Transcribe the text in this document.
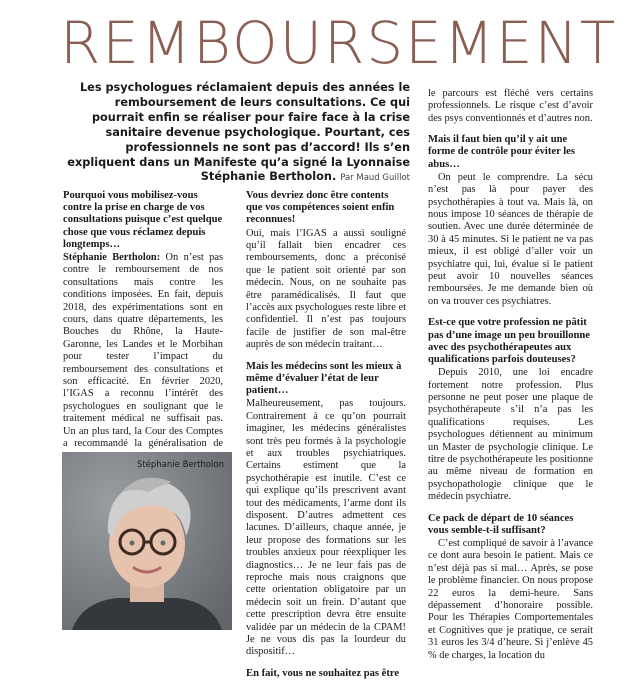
REMBOURSEMENT

Les psychologues réclamaient depuis des années le remboursement de leurs consultations. Ce qui pourrait enfin se réaliser pour faire face à la crise sanitaire devenue psychologique. Pourtant, ces professionnels ne sont pas d’accord! Ils s’en expliquent dans un Manifeste qu’a signé la Lyonnaise Stéphanie Bertholon. Par Maud Guillot

Pourquoi vous mobilisez-vous contre la prise en charge de vos consultations puisque c’est quelque chose que vous réclamez depuis longtemps…

Stéphanie Bertholon: On n’est pas contre le remboursement de nos consultations mais contre les conditions imposées. En fait, depuis 2018, des expérimentations sont en cours, dans quatre départements, les Bouches du Rhône, la Haute-Garonne, les Landes et le Morbihan pour tester l’impact du remboursement des consultations et son efficacité. En février 2020, l’IGAS a reconnu l’intérêt des psychologues en soulignant que le traitement médical ne suffisait pas. Un an plus tard, la Cour des Comptes a recommandé la généralisation de

Stéphanie Bertholon

Vous devriez donc être contents que vos compétences soient enfin reconnues!

Oui, mais l’IGAS a aussi souligné qu’il fallait bien encadrer ces remboursements, donc a préconisé que le patient soit orienté par son médecin. Nous, on ne souhaite pas être paramédicalisés. Il faut que l’accès aux psychologues reste libre et confidentiel. Il n’est pas toujours facile de justifier de son mal-être auprès de son médecin traitant…

Mais les médecins sont les mieux à même d’évaluer l’état de leur patient…

Malheureusement, pas toujours. Contrairement à ce qu’on pourrait imaginer, les médecins généralistes sont très peu formés à la psychologie et aux troubles psychiatriques. Certains estiment que la psychothérapie est inutile. C’est ce qui explique qu’ils prescrivent avant tout des médicaments, l’arme dont ils disposent. D’autres admettent ces lacunes. D’ailleurs, chaque année, je leur propose des formations sur les troubles anxieux pour réexpliquer les diagnostics… Je ne leur fais pas de reproche mais nous craignons que cette orientation obligatoire par un médecin soit un frein. D’autant que cette prescription devra être ensuite validée par un médecin de la CPAM! Je ne vous dis pas la lourdeur du dispositif…

En fait, vous ne souhaitez pas être

le parcours est fléché vers certains professionnels. Le risque c’est d’avoir des psys conventionnés et d’autres non.

Mais il faut bien qu’il y ait une forme de contrôle pour éviter les abus…

On peut le comprendre. La sécu n’est pas là pour payer des psychothérapies à tout va. Mais là, on nous impose 10 séances de thérapie de soutien. Avec une durée déterminée de 30 à 45 minutes. Si le patient ne va pas mieux, il est obligé d’aller voir un psychiatre qui, lui, évalue si le patient peut avoir 10 nouvelles séances remboursées. Je me demande bien où on va trouver ces psychiatres.

Est-ce que votre profession ne pâtit pas d’une image un peu brouillonne avec des psychothérapeutes aux qualifications parfois douteuses?

Depuis 2010, une loi encadre fortement notre profession. Plus personne ne peut poser une plaque de psychothérapeute s’il n’a pas les qualifications requises. Les psychologues détiennent au minimum un Master de psychologie clinique. Le titre de psychothérapeute les positionne au même niveau de formation en psychopathologie clinique que le médecin psychiatre.

Ce pack de départ de 10 séances vous semble-t-il suffisant?

C’est compliqué de savoir à l’avance ce dont aura besoin le patient. Mais ce n’est déjà pas si mal… Après, se pose le problème financier. On nous propose 22 euros la demi-heure. Sans dépassement d’honoraire possible. Pour les Thérapies Comportementales et Cognitives que je pratique, ce serait 31 euros les 3/4 d’heure. Si j’enlève 45 % de charges, la location du
